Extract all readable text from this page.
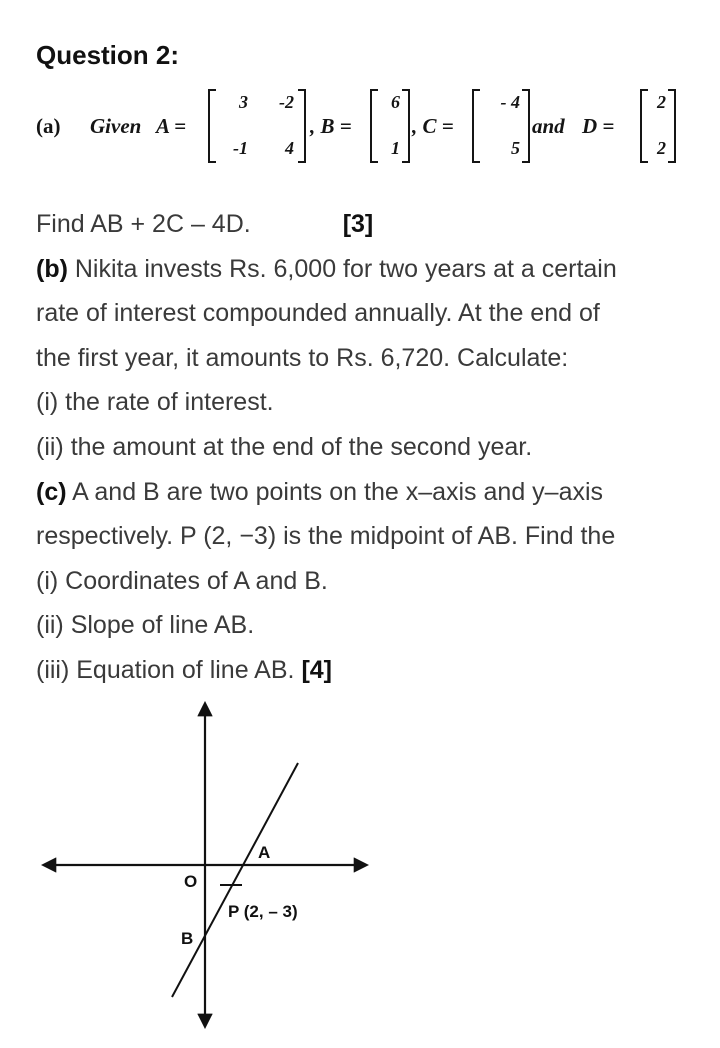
Question 2:
(a) Given A =
3	-2
-1	4
, B =
6
1
, C =
- 4
5
and D =
2
2
Find AB + 2C – 4D.	[3]
(b) Nikita invests Rs. 6,000 for two years at a certain
rate of interest compounded annually. At the end of
the first year, it amounts to Rs. 6,720. Calculate:
(i) the rate of interest.
(ii) the amount at the end of the second year.
(c) A and B are two points on the x–axis and y–axis
respectively. P (2, −3) is the midpoint of AB. Find the
(i) Coordinates of A and B.
(ii) Slope of line AB.
(iii) Equation of line AB. [4]
A
O
P (2, – 3)
B
